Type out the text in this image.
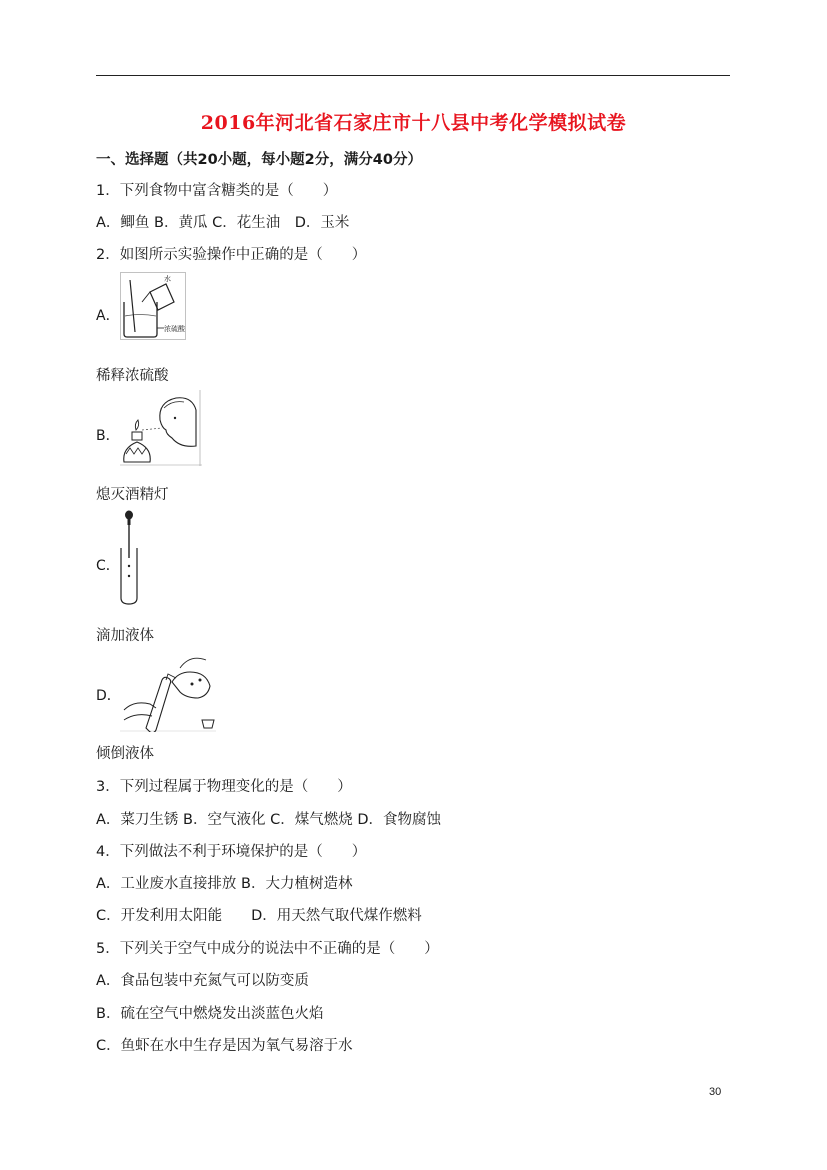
2016年河北省石家庄市十八县中考化学模拟试卷
一、选择题（共20小题，每小题2分，满分40分）
1．下列食物中富含糖类的是（　　）
A．鲫鱼 B．黄瓜 C．花生油　D．玉米
2．如图所示实验操作中正确的是（　　）
A．
水
浓硫酸
稀释浓硫酸
B．
熄灭酒精灯
C．
滴加液体
D．
倾倒液体
3．下列过程属于物理变化的是（　　）
A．菜刀生锈 B．空气液化 C．煤气燃烧 D．食物腐蚀
4．下列做法不利于环境保护的是（　　）
A．工业废水直接排放 B．大力植树造林
C．开发利用太阳能　　D．用天然气取代煤作燃料
5．下列关于空气中成分的说法中不正确的是（　　）
A．食品包装中充氮气可以防变质
B．硫在空气中燃烧发出淡蓝色火焰
C．鱼虾在水中生存是因为氧气易溶于水
30
